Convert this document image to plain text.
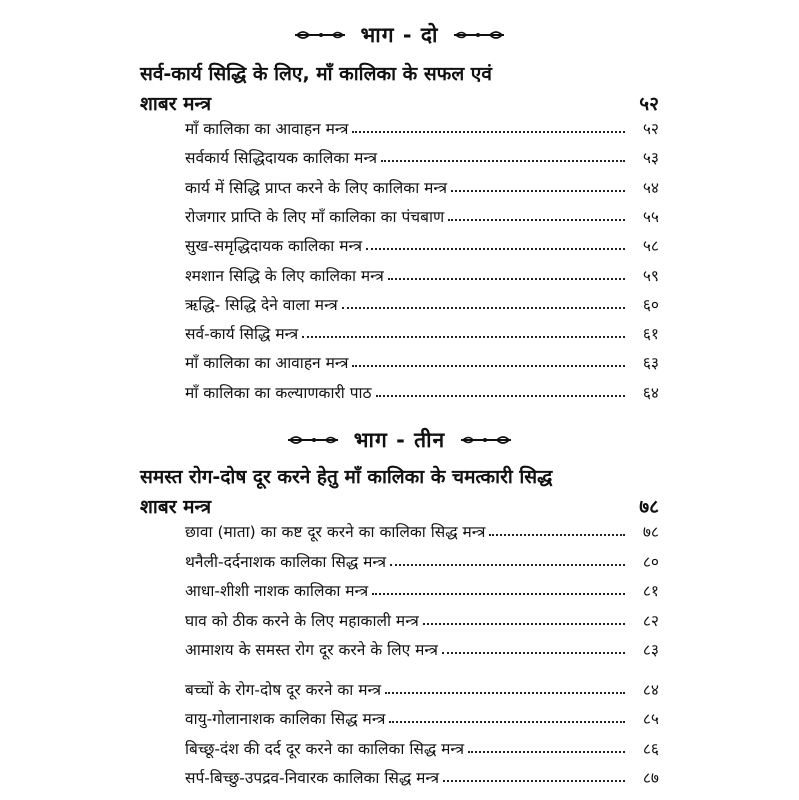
भाग - दो
सर्व-कार्य सिद्धि के लिए, माँ कालिका के सफल एवं
शाबर मन्त्र	५२
माँ कालिका का आवाहन मन्त्र	५२
सर्वकार्य सिद्धिदायक कालिका मन्त्र	५३
कार्य में सिद्धि प्राप्त करने के लिए कालिका मन्त्र	५४
रोजगार प्राप्ति के लिए माँ कालिका का पंचबाण	५५
सुख-समृद्धिदायक कालिका मन्त्र	५८
श्मशान सिद्धि के लिए कालिका मन्त्र	५९
ऋद्धि- सिद्धि देने वाला मन्त्र	६०
सर्व-कार्य सिद्धि मन्त्र	६१
माँ कालिका का आवाहन मन्त्र	६३
माँ कालिका का कल्याणकारी पाठ	६४
भाग - तीन
समस्त रोग-दोष दूर करने हेतु माँ कालिका के चमत्कारी सिद्ध
शाबर मन्त्र	७८
छावा (माता) का कष्ट दूर करने का कालिका सिद्ध मन्त्र	७८
थनैली-दर्दनाशक कालिका सिद्ध मन्त्र	८०
आधा-शीशी नाशक कालिका मन्त्र	८१
घाव को ठीक करने के लिए महाकाली मन्त्र	८२
आमाशय के समस्त रोग दूर करने के लिए मन्त्र	८३
बच्चों के रोग-दोष दूर करने का मन्त्र	८४
वायु-गोलानाशक कालिका सिद्ध मन्त्र	८५
बिच्छू-दंश की दर्द दूर करने का कालिका सिद्ध मन्त्र	८६
सर्प-बिच्छु-उपद्रव-निवारक कालिका सिद्ध मन्त्र	८७
